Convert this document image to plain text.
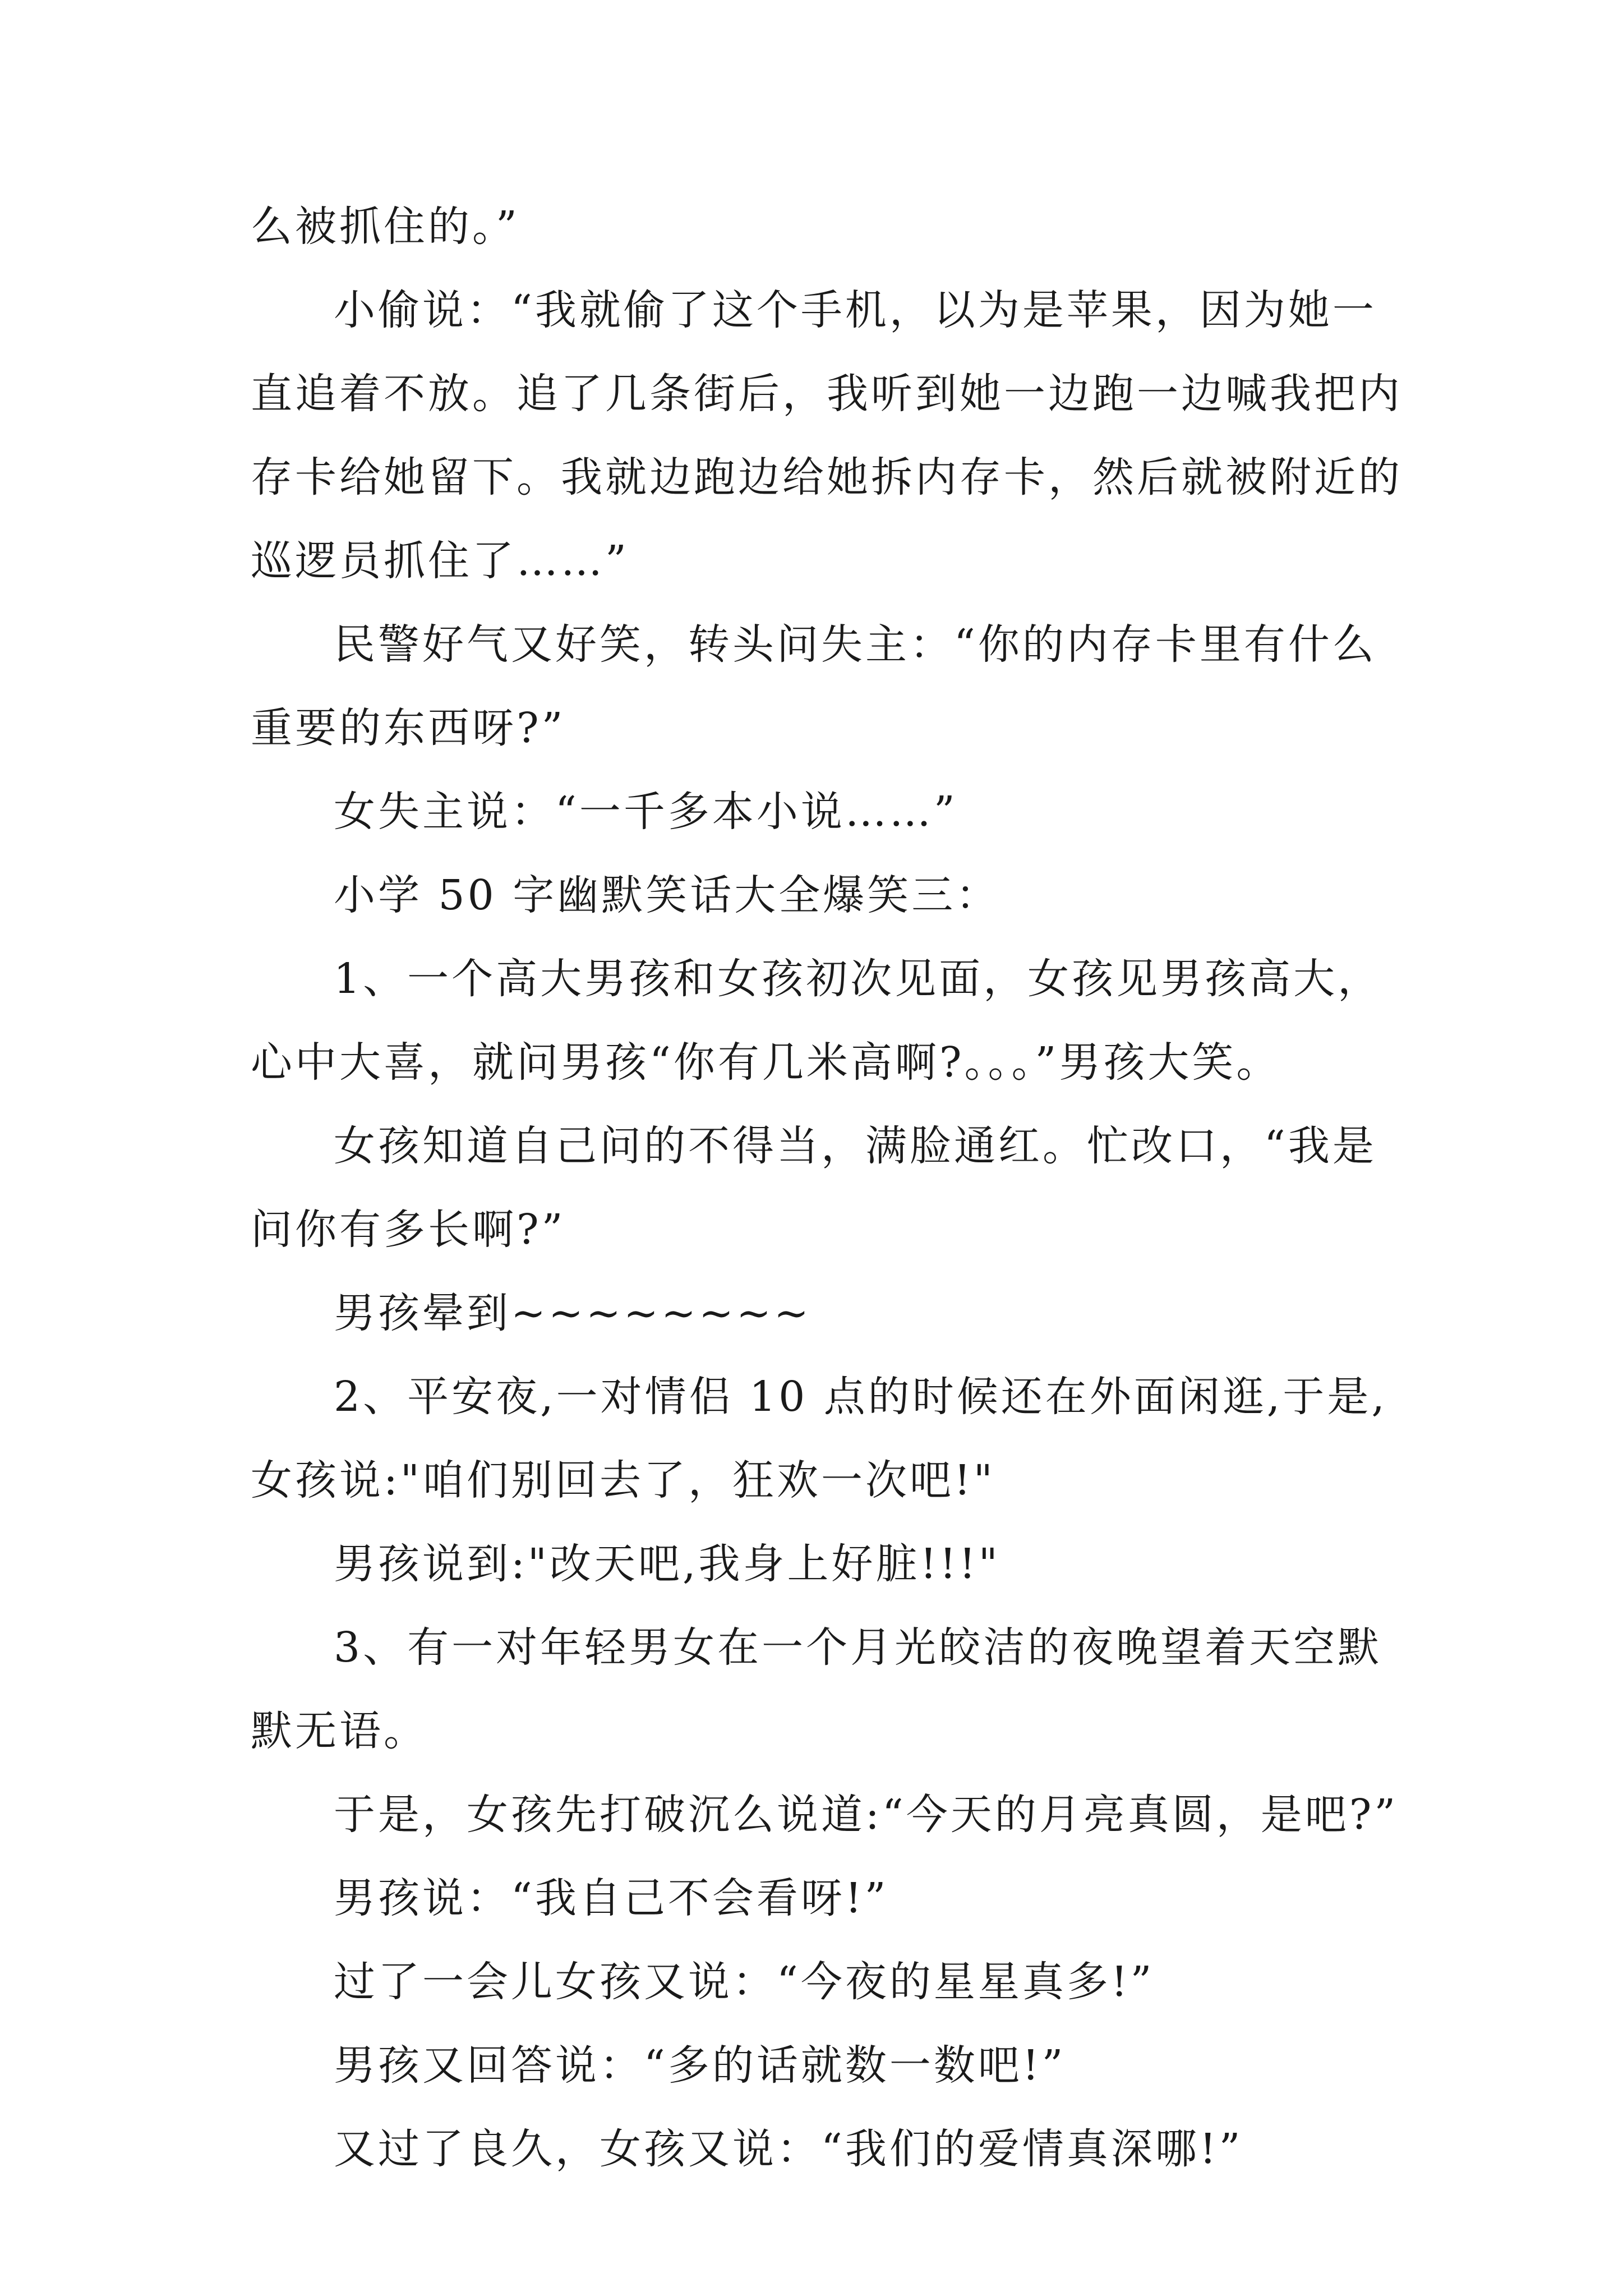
么被抓住的。”
小偷说：“我就偷了这个手机，以为是苹果，因为她一
直追着不放。追了几条街后，我听到她一边跑一边喊我把内
存卡给她留下。我就边跑边给她拆内存卡，然后就被附近的
巡逻员抓住了……”
民警好气又好笑，转头问失主：“你的内存卡里有什么
重要的东西呀?”
女失主说：“一千多本小说……”
小学 50 字幽默笑话大全爆笑三：
1、一个高大男孩和女孩初次见面，女孩见男孩高大，
心中大喜，就问男孩“你有几米高啊?。。。”男孩大笑。
女孩知道自己问的不得当，满脸通红。忙改口，“我是
问你有多长啊?”
男孩晕到~~~~~~~~
2、平安夜,一对情侣 10 点的时候还在外面闲逛,于是,
女孩说:"咱们别回去了，狂欢一次吧!"
男孩说到:"改天吧,我身上好脏!!!"
3、有一对年轻男女在一个月光皎洁的夜晚望着天空默
默无语。
于是，女孩先打破沉么说道:“今天的月亮真圆，是吧?”
男孩说：“我自己不会看呀!”
过了一会儿女孩又说：“今夜的星星真多!”
男孩又回答说：“多的话就数一数吧!”
又过了良久，女孩又说：“我们的爱情真深哪!”
